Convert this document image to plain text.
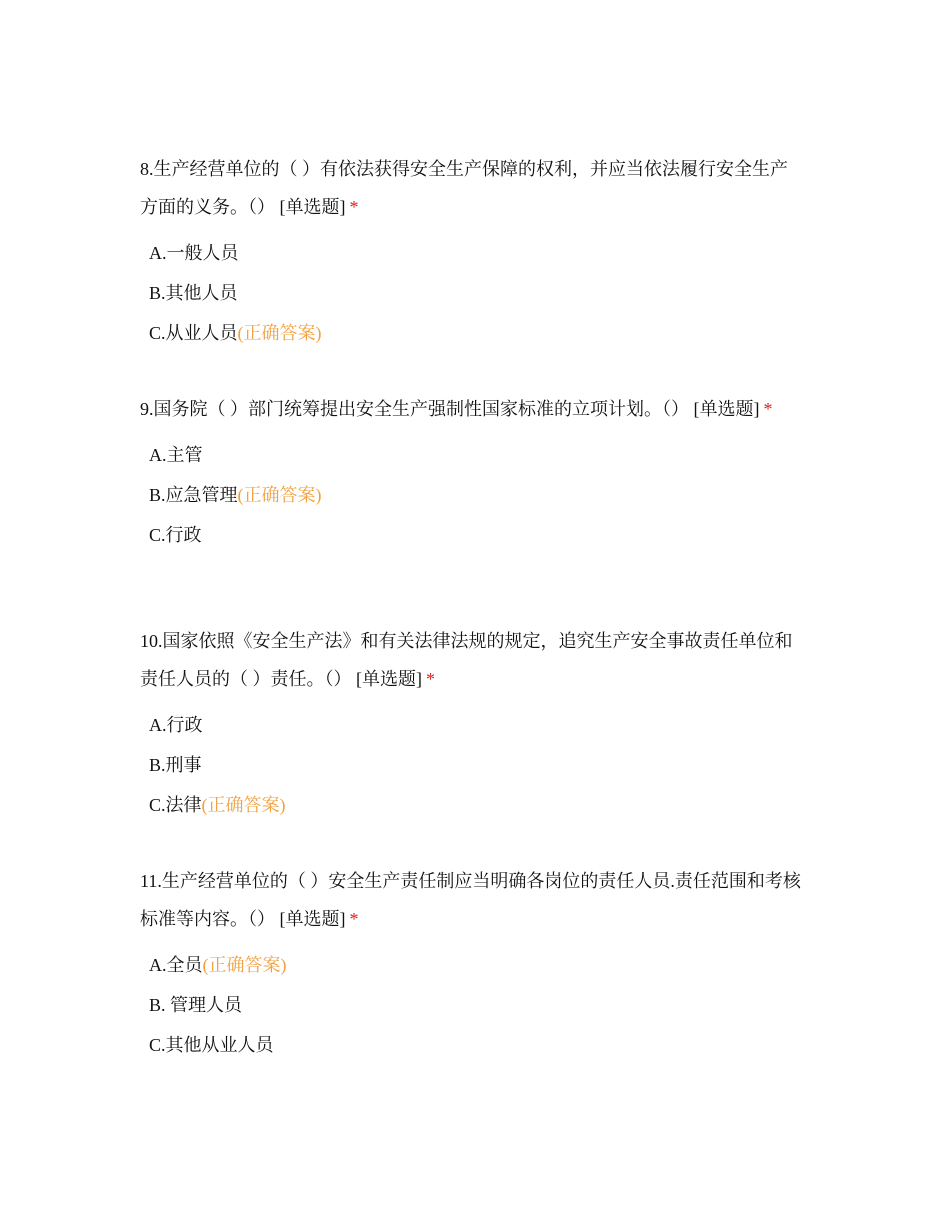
8.生产经营单位的（ ）有依法获得安全生产保障的权利，并应当依法履行安全生产方面的义务。（） [单选题] *

A.一般人员
B.其他人员
C.从业人员(正确答案)

9.国务院（ ）部门统筹提出安全生产强制性国家标准的立项计划。（） [单选题] *

A.主管
B.应急管理(正确答案)
C.行政

10.国家依照《安全生产法》和有关法律法规的规定，追究生产安全事故责任单位和责任人员的（ ）责任。（） [单选题] *

A.行政
B.刑事
C.法律(正确答案)

11.生产经营单位的（ ）安全生产责任制应当明确各岗位的责任人员.责任范围和考核标准等内容。（） [单选题] *

A.全员(正确答案)
B. 管理人员
C.其他从业人员
